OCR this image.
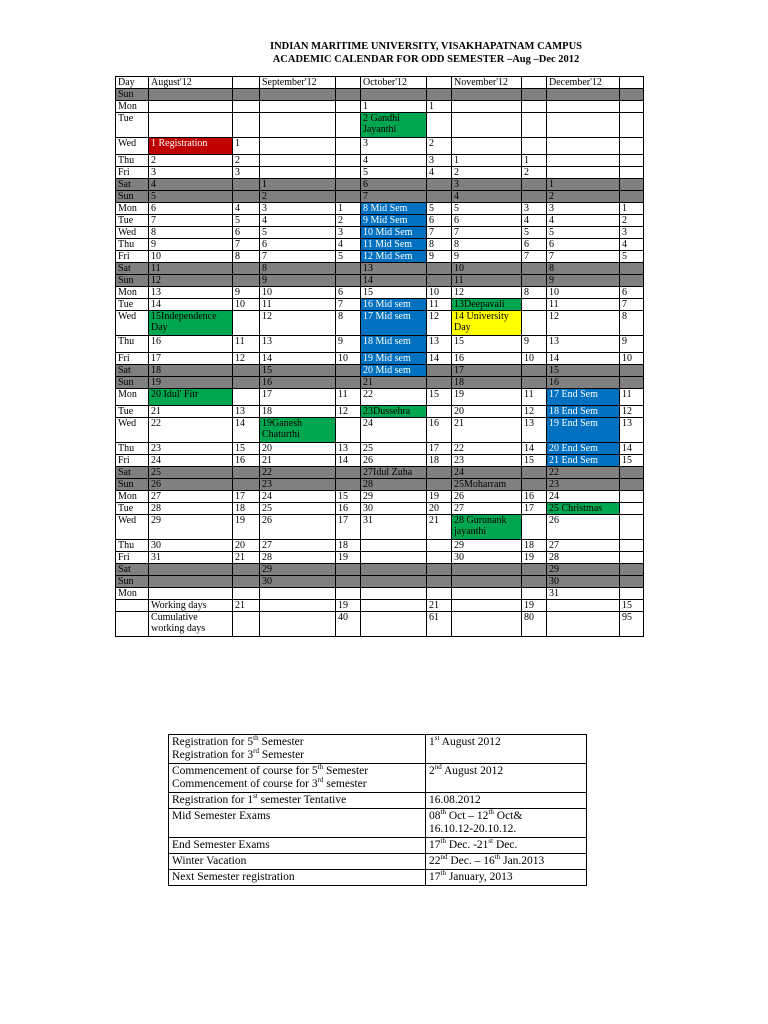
INDIAN MARITIME UNIVERSITY, VISAKHAPATNAM CAMPUS
ACADEMIC CALENDAR FOR ODD SEMESTER –Aug –Dec 2012
Day	August'12		September'12		October'12		November'12		December'12	
Sun										
Mon					1	1				
Tue					2 Gandhi Jayanthi					
Wed	1 Registration	1			3	2				
Thu	2	2			4	3	1	1		
Fri	3	3			5	4	2	2		
Sat	4		1		6		3		1	
Sun	5		2		7		4		2	
Mon	6	4	3	1	8 Mid Sem	5	5	3	3	1
Tue	7	5	4	2	9 Mid Sem	6	6	4	4	2
Wed	8	6	5	3	10 Mid Sem	7	7	5	5	3
Thu	9	7	6	4	11 Mid Sem	8	8	6	6	4
Fri	10	8	7	5	12 Mid Sem	9	9	7	7	5
Sat	11		8		13		10		8	
Sun	12		9		14		11		9	
Mon	13	9	10	6	15	10	12	8	10	6
Tue	14	10	11	7	16 Mid sem	11	13Deepavali		11	7
Wed	15Independence Day		12	8	17 Mid sem	12	14 University Day		12	8
Thu	16	11	13	9	18 Mid sem	13	15	9	13	9
Fri	17	12	14	10	19 Mid sem	14	16	10	14	10
Sat	18		15		20 Mid sem		17		15	
Sun	19		16		21		18		16	
Mon	20 Idul' Fitr		17	11	22	15	19	11	17 End Sem	11
Tue	21	13	18	12	23Dussehra		20	12	18 End Sem	12
Wed	22	14	19Ganesh Chaturthi		24	16	21	13	19 End Sem	13
Thu	23	15	20	13	25	17	22	14	20 End Sem	14
Fri	24	16	21	14	26	18	23	15	21 End Sem	15
Sat	25		22		27Idul Zuha		24		22	
Sun	26		23		28		25Moharram		23	
Mon	27	17	24	15	29	19	26	16	24	
Tue	28	18	25	16	30	20	27	17	25 Christmas	
Wed	29	19	26	17	31	21	28 Gurunank jayanthi		26	
Thu	30	20	27	18			29	18	27	
Fri	31	21	28	19			30	19	28	
Sat			29						29	
Sun			30						30	
Mon									31	
	Working days	21		19		21		19		15
	Cumulative working days			40		61		80		95
Registration for 5th Semester
Registration for 3rd Semester	1st August 2012

Commencement of course for 5th Semester
Commencement of course for 3rd semester	2nd August 2012

Registration for 1st semester Tentative	16.08.2012

Mid Semester Exams	08th Oct – 12th Oct&
16.10.12-20.10.12.

End Semester Exams	17th Dec. -21st Dec.

Winter Vacation	22nd Dec. – 16th Jan.2013

Next Semester registration	17th January, 2013
